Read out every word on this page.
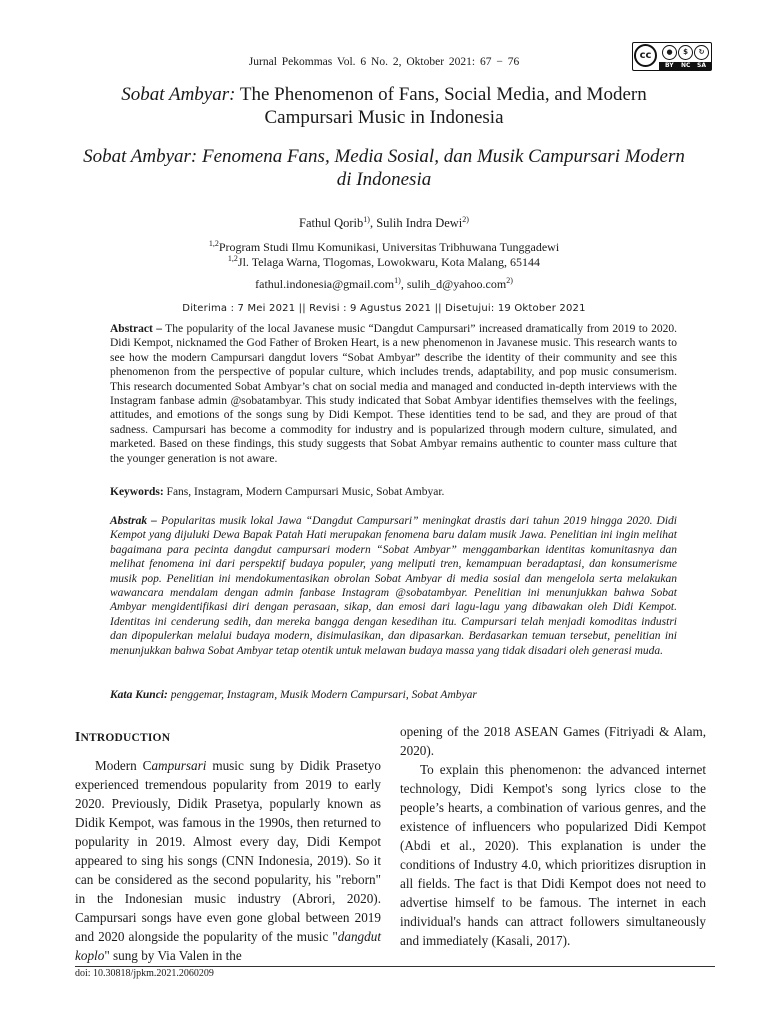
Jurnal Pekommas Vol. 6 No. 2, Oktober 2021: 67 − 76
cc	●	$	↻
BY NC SA
Sobat Ambyar: The Phenomenon of Fans, Social Media, and Modern Campursari Music in Indonesia
Sobat Ambyar: Fenomena Fans, Media Sosial, dan Musik Campursari Modern di Indonesia
Fathul Qorib$^{1)}$, Sulih Indra Dewi$^{2)}$
$^{1,2}$Program Studi Ilmu Komunikasi, Universitas Tribhuwana Tunggadewi
$^{1,2}$Jl. Telaga Warna, Tlogomas, Lowokwaru, Kota Malang, 65144
fathul.indonesia@gmail.com$^{1)}$, sulih_d@yahoo.com$^{2)}$
Diterima : 7 Mei 2021 || Revisi : 9 Agustus 2021 || Disetujui: 19 Oktober 2021

Abstract – The popularity of the local Javanese music “Dangdut Campursari” increased dramatically from 2019 to 2020. Didi Kempot, nicknamed the God Father of Broken Heart, is a new phenomenon in Javanese music. This research wants to see how the modern Campursari dangdut lovers “Sobat Ambyar” describe the identity of their community and see this phenomenon from the perspective of popular culture, which includes trends, adaptability, and pop music consumerism. This research documented Sobat Ambyar’s chat on social media and managed and conducted in-depth interviews with the Instagram fanbase admin @sobatambyar. This study indicated that Sobat Ambyar identifies themselves with the feelings, attitudes, and emotions of the songs sung by Didi Kempot. These identities tend to be sad, and they are proud of that sadness. Campursari has become a commodity for industry and is popularized through modern culture, simulated, and marketed. Based on these findings, this study suggests that Sobat Ambyar remains authentic to counter mass culture that the younger generation is not aware.

Keywords: Fans, Instagram, Modern Campursari Music, Sobat Ambyar.

Abstrak – Popularitas musik lokal Jawa “Dangdut Campursari” meningkat drastis dari tahun 2019 hingga 2020. Didi Kempot yang dijuluki Dewa Bapak Patah Hati merupakan fenomena baru dalam musik Jawa. Penelitian ini ingin melihat bagaimana para pecinta dangdut campursari modern “Sobat Ambyar” menggambarkan identitas komunitasnya dan melihat fenomena ini dari perspektif budaya populer, yang meliputi tren, kemampuan beradaptasi, dan konsumerisme musik pop. Penelitian ini mendokumentasikan obrolan Sobat Ambyar di media sosial dan mengelola serta melakukan wawancara mendalam dengan admin fanbase Instagram @sobatambyar. Penelitian ini menunjukkan bahwa Sobat Ambyar mengidentifikasi diri dengan perasaan, sikap, dan emosi dari lagu-lagu yang dibawakan oleh Didi Kempot. Identitas ini cenderung sedih, dan mereka bangga dengan kesedihan itu. Campursari telah menjadi komoditas industri dan dipopulerkan melalui budaya modern, disimulasikan, dan dipasarkan. Berdasarkan temuan tersebut, penelitian ini menunjukkan bahwa Sobat Ambyar tetap otentik untuk melawan budaya massa yang tidak disadari oleh generasi muda.

Kata Kunci: penggemar, Instagram, Musik Modern Campursari, Sobat Ambyar

INTRODUCTION

Modern Campursari music sung by Didik Prasetyo experienced tremendous popularity from 2019 to early 2020. Previously, Didik Prasetya, popularly known as Didik Kempot, was famous in the 1990s, then returned to popularity in 2019. Almost every day, Didi Kempot appeared to sing his songs (CNN Indonesia, 2019). So it can be considered as the second popularity, his "reborn" in the Indonesian music industry (Abrori, 2020). Campursari songs have even gone global between 2019 and 2020 alongside the popularity of the music "dangdut koplo" sung by Via Valen in the

opening of the 2018 ASEAN Games (Fitriyadi & Alam, 2020).

To explain this phenomenon: the advanced internet technology, Didi Kempot's song lyrics close to the people’s hearts, a combination of various genres, and the existence of influencers who popularized Didi Kempot (Abdi et al., 2020). This explanation is under the conditions of Industry 4.0, which prioritizes disruption in all fields. The fact is that Didi Kempot does not need to advertise himself to be famous. The internet in each individual's hands can attract followers simultaneously and immediately (Kasali, 2017).

doi: 10.30818/jpkm.2021.2060209
